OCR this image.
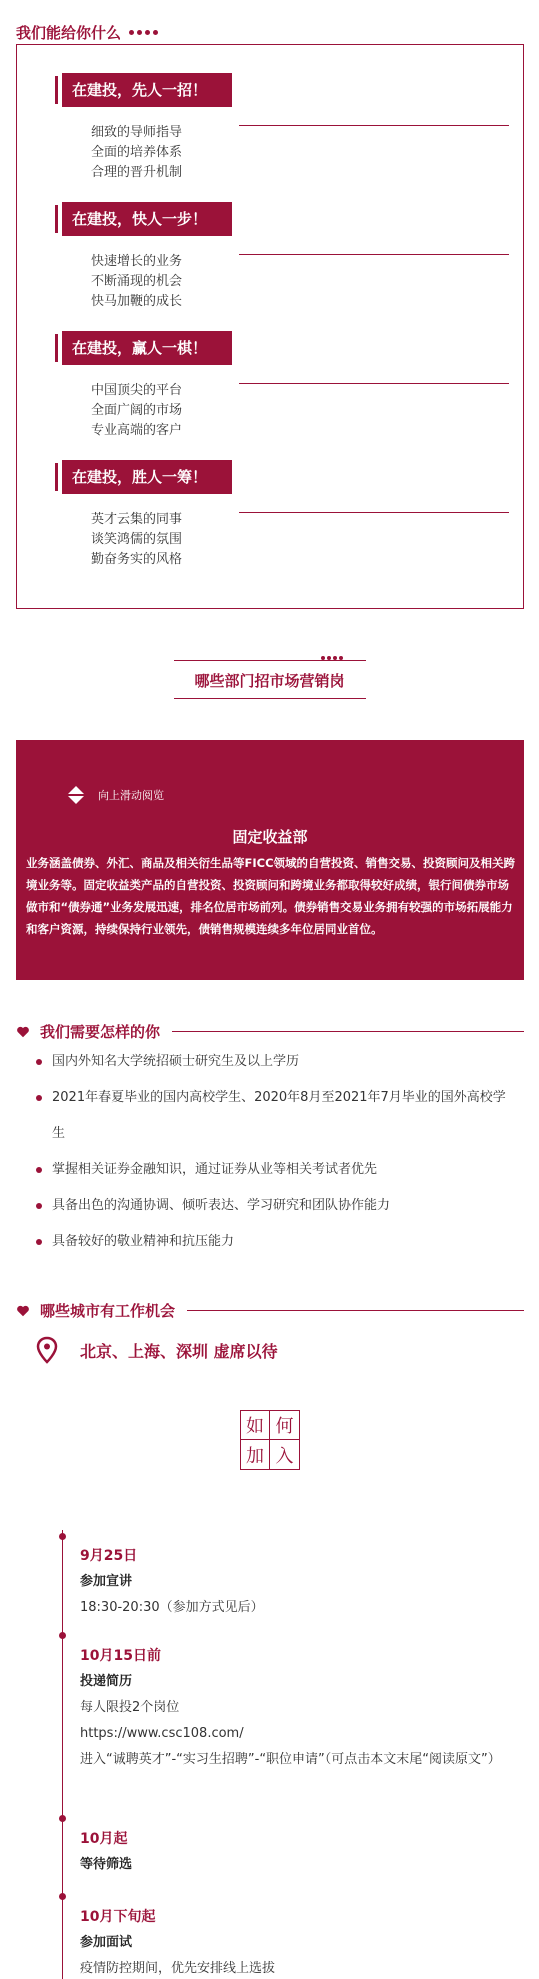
我们能给你什么
在建投，先人一招！
细致的导师指导
全面的培养体系
合理的晋升机制
在建投，快人一步！
快速增长的业务
不断涌现的机会
快马加鞭的成长
在建投，赢人一棋！
中国顶尖的平台
全面广阔的市场
专业高端的客户
在建投，胜人一筹！
英才云集的同事
谈笑鸿儒的氛围
勤奋务实的风格
哪些部门招市场营销岗
向上滑动阅览
固定收益部
业务涵盖债券、外汇、商品及相关衍生品等FICC领域的自营投资、销售交易、投资顾问及相关跨境业务等。固定收益类产品的自营投资、投资顾问和跨境业务都取得较好成绩，银行间债券市场做市和“债券通”业务发展迅速，排名位居市场前列。债券销售交易业务拥有较强的市场拓展能力和客户资源，持续保持行业领先，债销售规模连续多年位居同业首位。
我们需要怎样的你
国内外知名大学统招硕士研究生及以上学历
2021年春夏毕业的国内高校学生、2020年8月至2021年7月毕业的国外高校学生
掌握相关证券金融知识，通过证券从业等相关考试者优先
具备出色的沟通协调、倾听表达、学习研究和团队协作能力
具备较好的敬业精神和抗压能力
哪些城市有工作机会
北京、上海、深圳 虚席以待
如 何
加 入
9月25日
参加宣讲
18:30-20:30（参加方式见后）
10月15日前
投递简历
每人限投2个岗位
https://www.csc108.com/
进入“诚聘英才”-“实习生招聘”-“职位申请”（可点击本文末尾“阅读原文”）
10月起
等待筛选
10月下旬起
参加面试
疫情防控期间，优先安排线上选拔
